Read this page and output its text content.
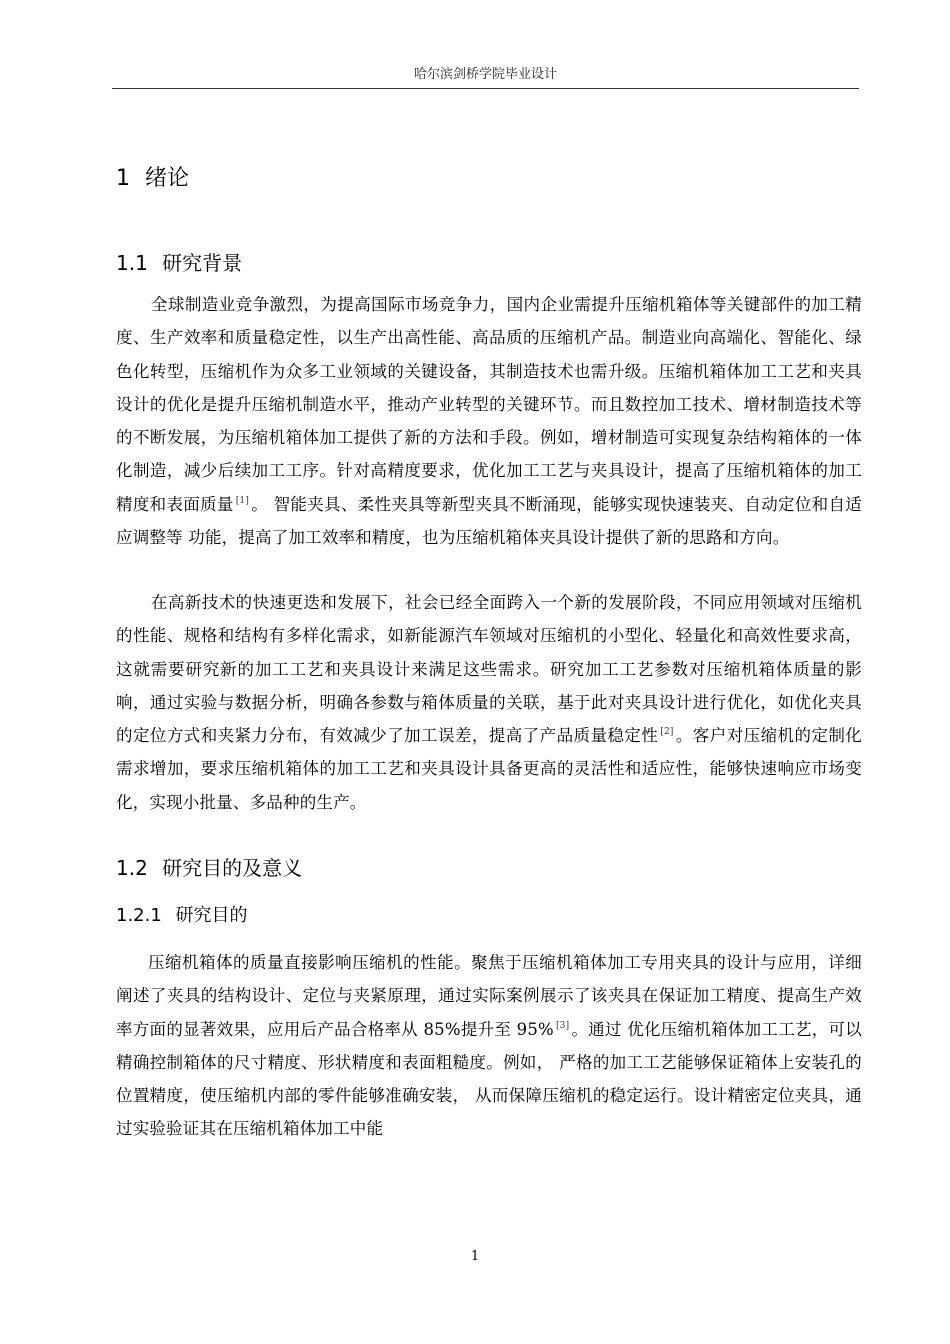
哈尔滨剑桥学院毕业设计
1 绪论
1.1 研究背景
全球制造业竞争激烈，为提高国际市场竞争力，国内企业需提升压缩机箱体等关键部件的加工精度、生产效率和质量稳定性，以生产出高性能、高品质的压缩机产品。制造业向高端化、智能化、绿色化转型，压缩机作为众多工业领域的关键设备，其制造技术也需升级。压缩机箱体加工工艺和夹具设计的优化是提升压缩机制造水平，推动产业转型的关键环节。而且数控加工技术、增材制造技术等的不断发展，为压缩机箱体加工提供了新的方法和手段。例如，增材制造可实现复杂结构箱体的一体化制造，减少后续加工工序。针对高精度要求，优化加工工艺与夹具设计，提高了压缩机箱体的加工精度和表面质量 [1] 。 智能夹具、柔性夹具等新型夹具不断涌现，能够实现快速装夹、自动定位和自适应调整等 功能，提高了加工效率和精度，也为压缩机箱体夹具设计提供了新的思路和方向。
在高新技术的快速更迭和发展下，社会已经全面跨入一个新的发展阶段，不同应用领域对压缩机的性能、规格和结构有多样化需求，如新能源汽车领域对压缩机的小型化、轻量化和高效性要求高，这就需要研究新的加工工艺和夹具设计来满足这些需求。研究加工工艺参数对压缩机箱体质量的影响，通过实验与数据分析，明确各参数与箱体质量的关联，基于此对夹具设计进行优化，如优化夹具的定位方式和夹紧力分布，有效减少了加工误差，提高了产品质量稳定性 [2] 。客户对压缩机的定制化需求增加，要求压缩机箱体的加工工艺和夹具设计具备更高的灵活性和适应性，能够快速响应市场变化，实现小批量、多品种的生产。
1.2 研究目的及意义
1.2.1 研究目的
压缩机箱体的质量直接影响压缩机的性能。聚焦于压缩机箱体加工专用夹具的设计与应用，详细阐述了夹具的结构设计、定位与夹紧原理，通过实际案例展示了该夹具在保证加工精度、提高生产效率方面的显著效果，应用后产品合格率从 85%提升至 95% [3] 。通过 优化压缩机箱体加工工艺，可以精确控制箱体的尺寸精度、形状精度和表面粗糙度。例如， 严格的加工工艺能够保证箱体上安装孔的位置精度，使压缩机内部的零件能够准确安装， 从而保障压缩机的稳定运行。设计精密定位夹具，通过实验验证其在压缩机箱体加工中能
1
